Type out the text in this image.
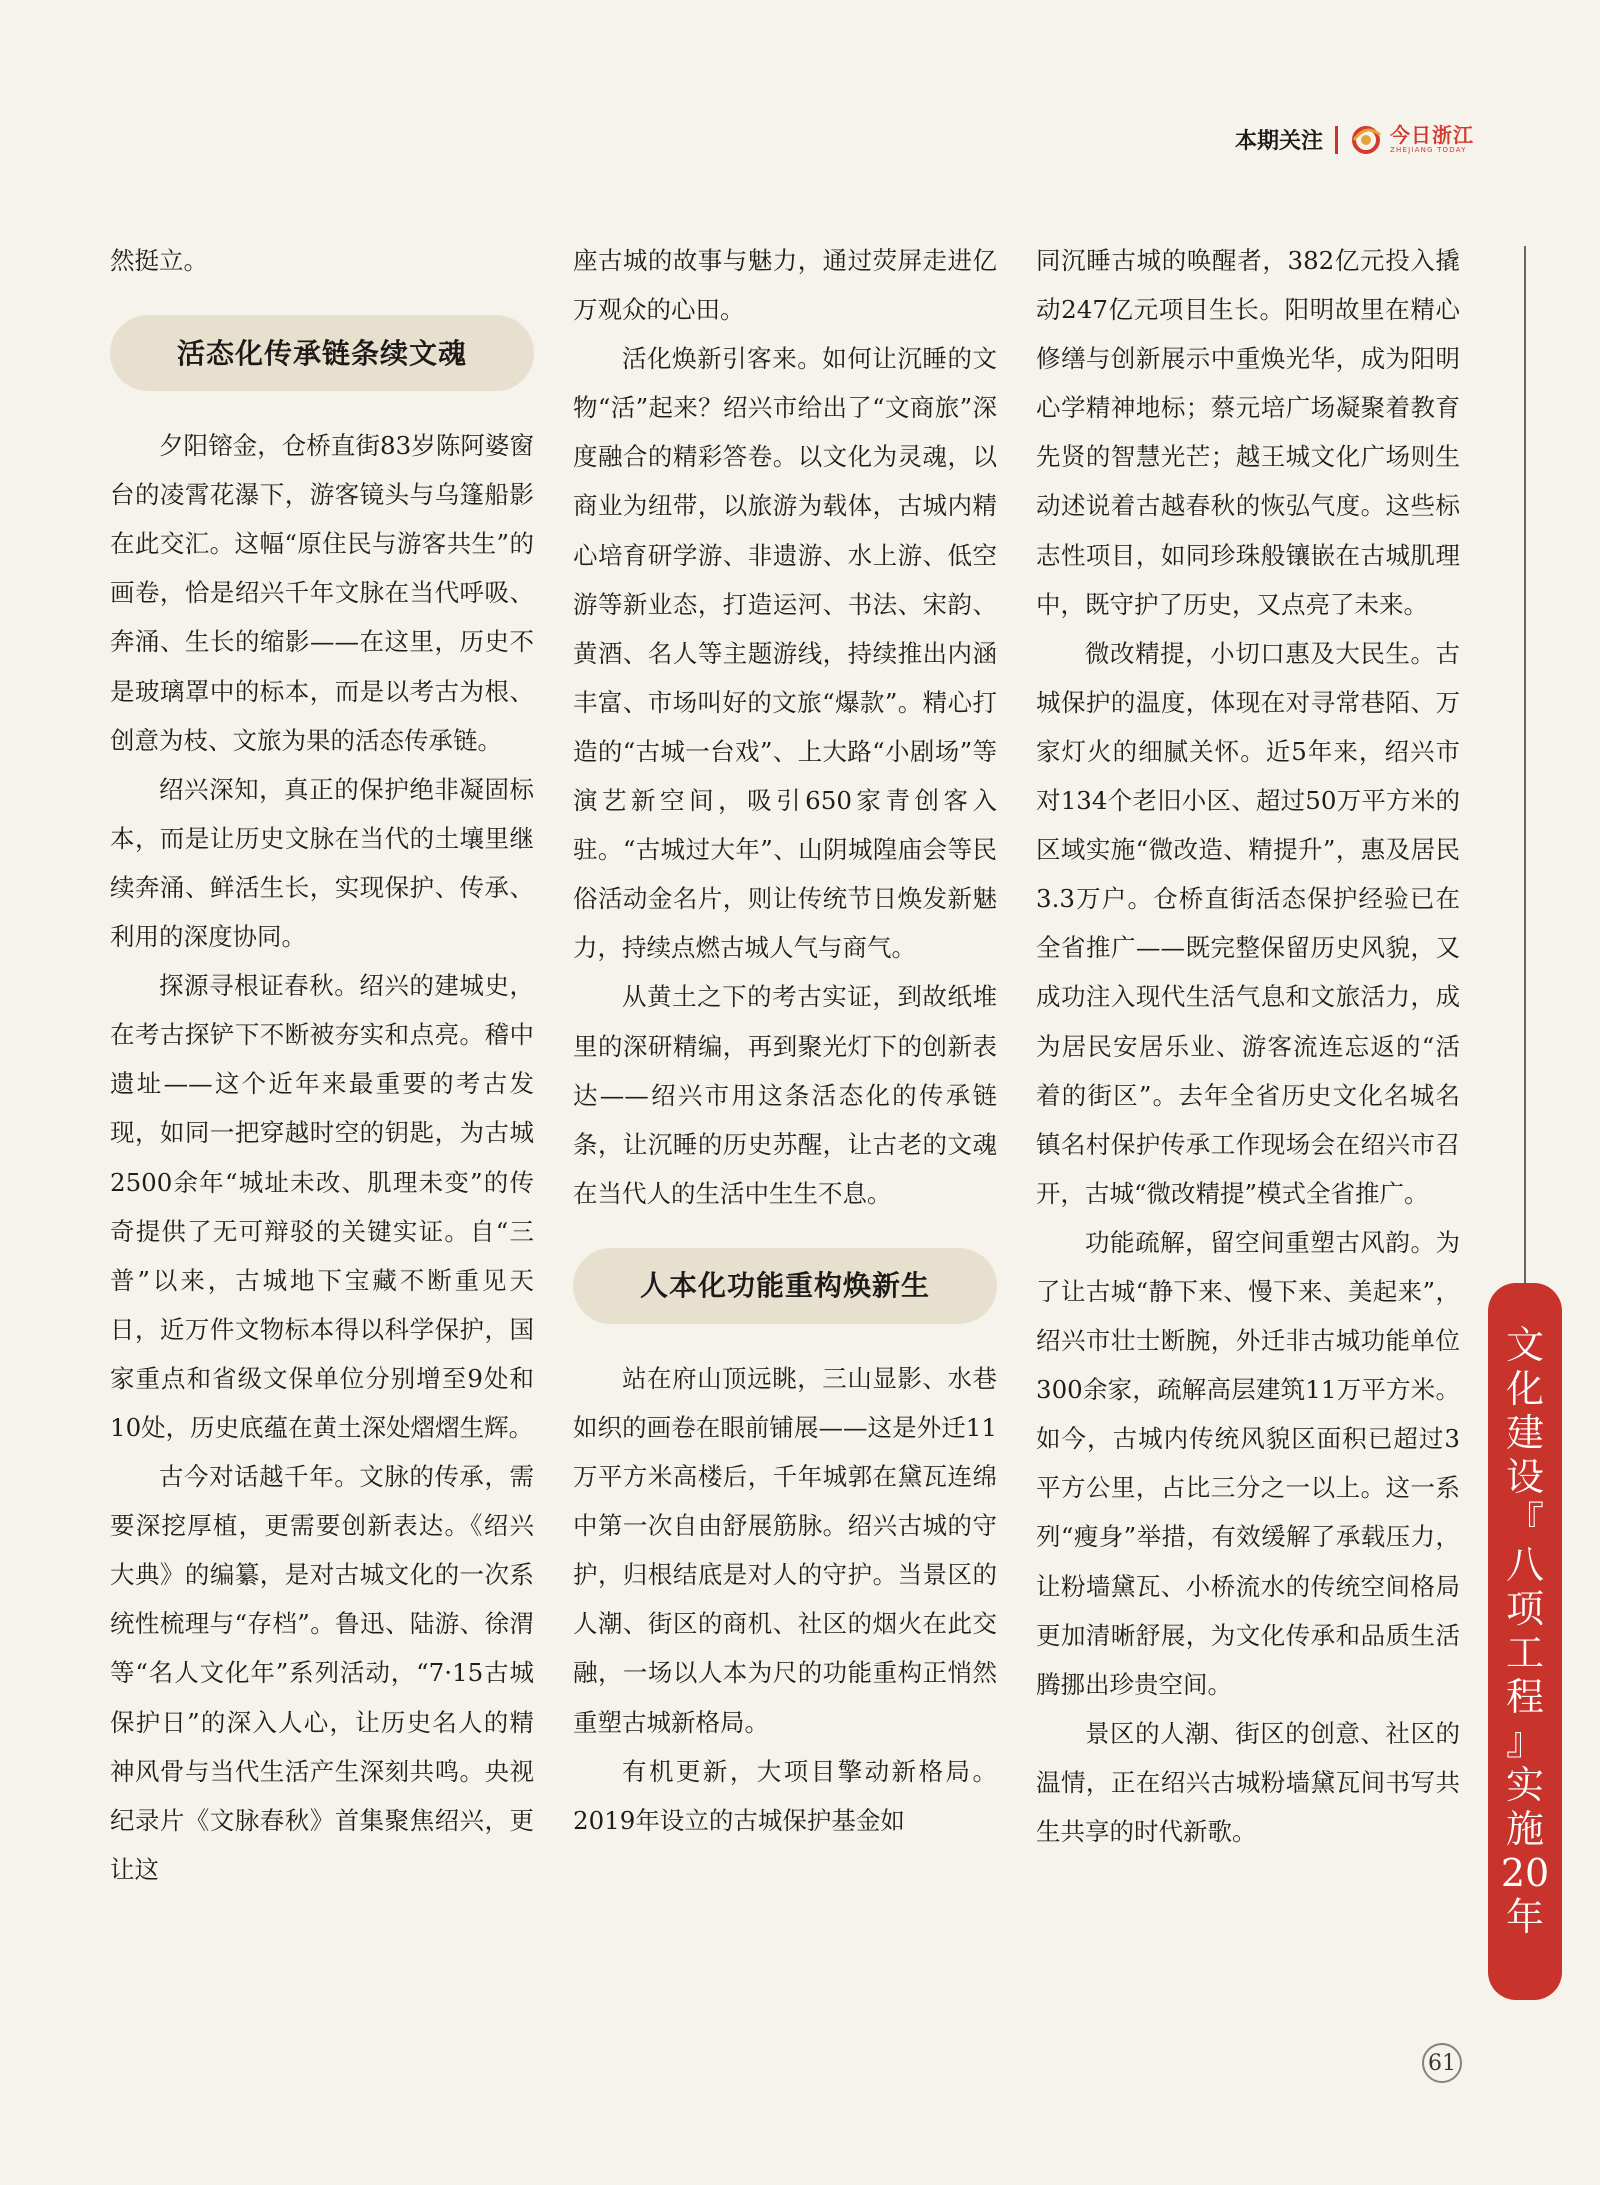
本期关注	今日浙江
ZHEJIANG TODAY

然挺立。

活态化传承链条续文魂

夕阳镕金，仓桥直街83岁陈阿婆窗台的凌霄花瀑下，游客镜头与乌篷船影在此交汇。这幅“原住民与游客共生”的画卷，恰是绍兴千年文脉在当代呼吸、奔涌、生长的缩影——在这里，历史不是玻璃罩中的标本，而是以考古为根、创意为枝、文旅为果的活态传承链。

绍兴深知，真正的保护绝非凝固标本，而是让历史文脉在当代的土壤里继续奔涌、鲜活生长，实现保护、传承、利用的深度协同。

探源寻根证春秋。绍兴的建城史，在考古探铲下不断被夯实和点亮。稽中遗址——这个近年来最重要的考古发现，如同一把穿越时空的钥匙，为古城2500余年“城址未改、肌理未变”的传奇提供了无可辩驳的关键实证。自“三普”以来，古城地下宝藏不断重见天日，近万件文物标本得以科学保护，国家重点和省级文保单位分别增至9处和10处，历史底蕴在黄土深处熠熠生辉。

古今对话越千年。文脉的传承，需要深挖厚植，更需要创新表达。《绍兴大典》的编纂，是对古城文化的一次系统性梳理与“存档”。鲁迅、陆游、徐渭等“名人文化年”系列活动，“7·15古城保护日”的深入人心，让历史名人的精神风骨与当代生活产生深刻共鸣。央视纪录片《文脉春秋》首集聚焦绍兴，更让这

座古城的故事与魅力，通过荧屏走进亿万观众的心田。

活化焕新引客来。如何让沉睡的文物“活”起来？绍兴市给出了“文商旅”深度融合的精彩答卷。以文化为灵魂，以商业为纽带，以旅游为载体，古城内精心培育研学游、非遗游、水上游、低空游等新业态，打造运河、书法、宋韵、黄酒、名人等主题游线，持续推出内涵丰富、市场叫好的文旅“爆款”。精心打造的“古城一台戏”、上大路“小剧场”等演艺新空间，吸引650家青创客入驻。“古城过大年”、山阴城隍庙会等民俗活动金名片，则让传统节日焕发新魅力，持续点燃古城人气与商气。

从黄土之下的考古实证，到故纸堆里的深研精编，再到聚光灯下的创新表达——绍兴市用这条活态化的传承链条，让沉睡的历史苏醒，让古老的文魂在当代人的生活中生生不息。

人本化功能重构焕新生

站在府山顶远眺，三山显影、水巷如织的画卷在眼前铺展——这是外迁11万平方米高楼后，千年城郭在黛瓦连绵中第一次自由舒展筋脉。绍兴古城的守护，归根结底是对人的守护。当景区的人潮、街区的商机、社区的烟火在此交融，一场以人本为尺的功能重构正悄然重塑古城新格局。

有机更新，大项目擎动新格局。2019年设立的古城保护基金如

同沉睡古城的唤醒者，382亿元投入撬动247亿元项目生长。阳明故里在精心修缮与创新展示中重焕光华，成为阳明心学精神地标；蔡元培广场凝聚着教育先贤的智慧光芒；越王城文化广场则生动述说着古越春秋的恢弘气度。这些标志性项目，如同珍珠般镶嵌在古城肌理中，既守护了历史，又点亮了未来。

微改精提，小切口惠及大民生。古城保护的温度，体现在对寻常巷陌、万家灯火的细腻关怀。近5年来，绍兴市对134个老旧小区、超过50万平方米的区域实施“微改造、精提升”，惠及居民3.3万户。仓桥直街活态保护经验已在全省推广——既完整保留历史风貌，又成功注入现代生活气息和文旅活力，成为居民安居乐业、游客流连忘返的“活着的街区”。去年全省历史文化名城名镇名村保护传承工作现场会在绍兴市召开，古城“微改精提”模式全省推广。

功能疏解，留空间重塑古风韵。为了让古城“静下来、慢下来、美起来”，绍兴市壮士断腕，外迁非古城功能单位300余家，疏解高层建筑11万平方米。如今，古城内传统风貌区面积已超过3平方公里，占比三分之一以上。这一系列“瘦身”举措，有效缓解了承载压力，让粉墙黛瓦、小桥流水的传统空间格局更加清晰舒展，为文化传承和品质生活腾挪出珍贵空间。

景区的人潮、街区的创意、社区的温情，正在绍兴古城粉墙黛瓦间书写共生共享的时代新歌。

文
化
建
设
『
八
项
工
程
』
实
施
20
年
61
